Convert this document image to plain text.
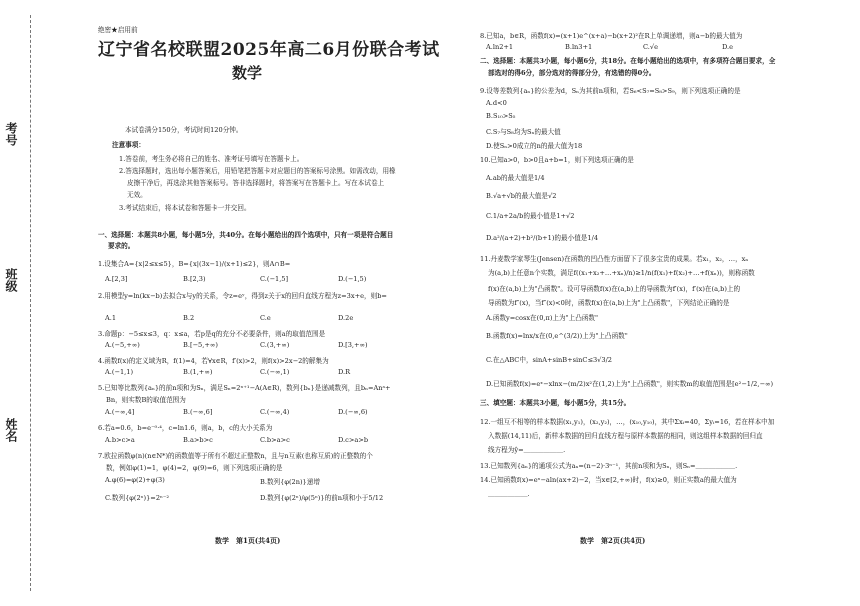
考号
班级
姓名
绝密★启用前
辽宁省名校联盟2025年高二6月份联合考试
数学
本试卷满分150分，考试时间120分钟。
注意事项：
1.答卷前，考生务必将自己的姓名、准考证号填写在答题卡上。
2.答选择题时，选出每小题答案后，用铅笔把答题卡对应题目的答案标号涂黑。如需改动，用橡
皮擦干净后，再选涂其他答案标号。答非选择题时，将答案写在答题卡上。写在本试卷上
无效。
3.考试结束后，将本试卷和答题卡一并交回。
一、选择题：本题共8小题，每小题5分，共40分。在每小题给出的四个选项中，只有一项是符合题目
要求的。
1.设集合A={x|2≤x≤5}，B={x|(3x−1)/(x+1)≤2}，则A∩B=
A.[2,3]	B.[2,3)	C.(−1,5]	D.(−1,5)
2.用模型y=ln(kx−b)去拟合x与y的关系，令z=eʸ，得到z关于x的回归直线方程为z=3x+e，则b=
A.1	B.2	C.e	D.2e
3.命题p：−5≤x≤3，q：x≤a，若p是q的充分不必要条件，则a的取值范围是
A.(−5,+∞)	B.[−5,+∞)	C.(3,+∞)	D.[3,+∞)
4.函数f(x)的定义域为R，f(1)=4，若∀x∈R，f′(x)>2，则f(x)>2x−2的解集为
A.(−1,1)	B.(1,+∞)	C.(−∞,1)	D.R
5.已知等比数列{aₙ}的前n项和为Sₙ，满足Sₙ=2ⁿ⁺¹−A(A∈R)，数列{bₙ}是递减数列，且bₙ=Anᵃ+
Bn，则实数B的取值范围为
A.(−∞,4]	B.(−∞,6]	C.(−∞,4)	D.(−∞,6)
6.若a=0.6，b=e⁻⁰·⁴，c=ln1.6，则a，b，c的大小关系为
A.b>c>a	B.a>b>c	C.b>a>c	D.c>a>b
7.欧拉函数φ(n)(n∈N*)的函数值等于所有不超过正整数n，且与n互素(也称互质)的正整数的个
数，例如φ(1)=1，φ(4)=2，φ(9)=6，则下列选项正确的是
A.φ(6)=φ(2)+φ(3)	B.数列{φ(2n)}递增
C.数列{φ(2ⁿ)}=2ⁿ⁻²	D.数列{φ(2ⁿ)/φ(5ⁿ)}的前n项和小于5/12
数学　第1页(共4页)
8.已知a，b∈R，函数f(x)=(x+1)e^(x+a)−b(x+2)²在R上单调递增，则a−b的最大值为
A.ln2+1	B.ln3+1	C.√e	D.e
二、选择题：本题共3小题，每小题6分，共18分。在每小题给出的选项中，有多项符合题目要求，全
部选对的得6分，部分选对的得部分分，有选错的得0分。
9.设等差数列{aₙ}的公差为d，Sₙ为其前n项和，若S₆<S₇=S₈>S₉，则下列选项正确的是
A.d<0
B.S₁₀>S₅
C.S₇与S₈均为Sₙ的最大值
D.使Sₙ>0成立的n的最大值为18
10.已知a>0，b>0且a+b=1，则下列选项正确的是
A.ab的最大值是1/4
B.√a+√b的最大值是√2
C.1/a+2a/b的最小值是1+√2
D.a²/(a+2)+b²/(b+1)的最小值是1/4
11.丹麦数学家琴生(Jensen)在函数的凹凸性方面留下了很多宝贵的成果。若x₁，x₂，…，xₙ
为(a,b)上任意n个实数，满足f((x₁+x₂+…+xₙ)/n)≥1/n(f(x₁)+f(x₂)+…+f(xₙ))，则称函数
f(x)在(a,b)上为"凸函数"。设可导函数f(x)在(a,b)上的导函数为f′(x)，f′(x)在(a,b)上的
导函数为f″(x)，当f″(x)<0时，函数f(x)在(a,b)上为"上凸函数"，下列结论正确的是
A.函数y=cosx在(0,π)上为"上凸函数"
B.函数f(x)=lnx/x在(0,e^(3/2))上为"上凸函数"
C.在△ABC中，sinA+sinB+sinC≤3√3/2
D.已知函数f(x)=eˣ−xlnx−(m/2)x²在(1,2)上为"上凸函数"，则实数m的取值范围是[e²−1/2,−∞)
三、填空题：本题共3小题，每小题5分，共15分。
12.一组互不相等的样本数据(x₁,y₁)，(x₂,y₂)，…，(x₁₀,y₁₀)，其中Σxᵢ=40，Σyᵢ=16，若在样本中加
入数据(14,11)后，新样本数据的回归直线方程与原样本数据的相同，则这组样本数据的回归直
线方程为ŷ=＿＿＿＿＿＿.
13.已知数列{aₙ}的通项公式为aₙ=(n−2)·3ⁿ⁻¹，其前n项和为Sₙ，则Sₙ=＿＿＿＿＿＿.
14.已知函数f(x)=eˣ−aln(ax+2)−2，当x∈[2,+∞)时，f(x)≥0，则正实数a的最大值为
＿＿＿＿＿＿.
数学　第2页(共4页)
